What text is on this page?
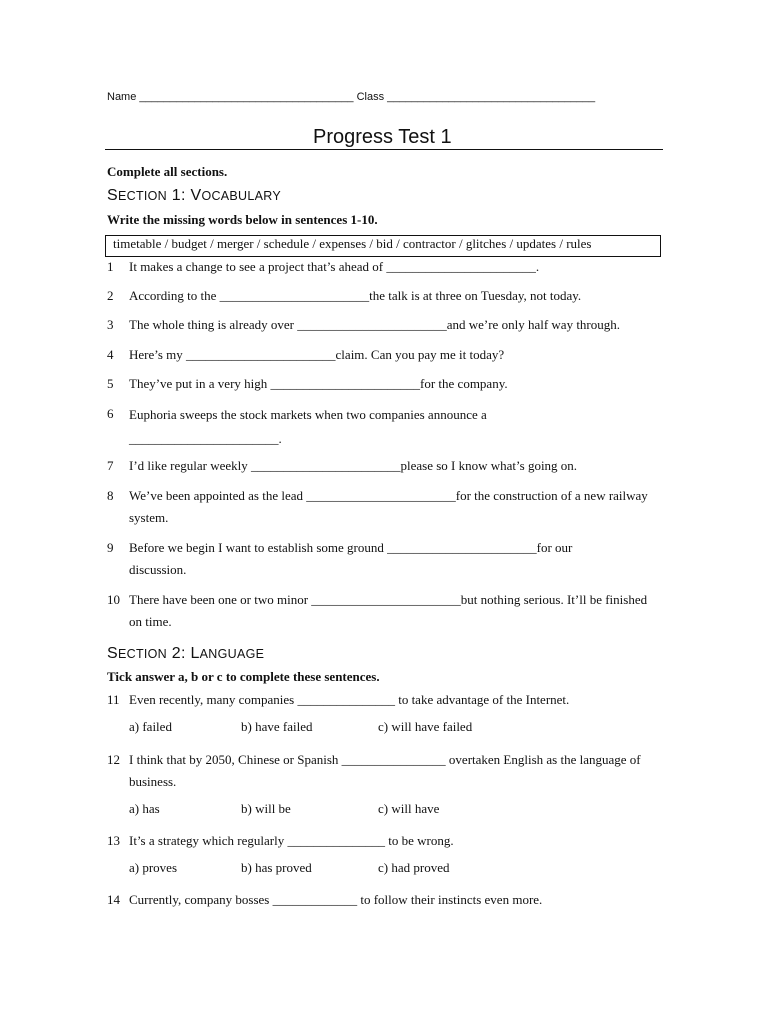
Name ___________________________________ Class __________________________________
Progress Test 1
Complete all sections.
SECTION 1: VOCABULARY
Write the missing words below in sentences 1-10.
timetable / budget / merger / schedule / expenses / bid / contractor / glitches / updates / rules
1 It makes a change to see a project that’s ahead of _______________________.
2 According to the _______________________the talk is at three on Tuesday, not today.
3 The whole thing is already over _______________________and we’re only half way through.
4 Here’s my _______________________claim. Can you pay me it today?
5 They’ve put in a very high _______________________for the company.
6 Euphoria sweeps the stock markets when two companies announce a _______________________.
7 I’d like regular weekly _______________________please so I know what’s going on.
8 We’ve been appointed as the lead _______________________for the construction of a new railway system.
9 Before we begin I want to establish some ground _______________________for our discussion.
10 There have been one or two minor _______________________but nothing serious. It’ll be finished on time.
SECTION 2: LANGUAGE
Tick answer a, b or c to complete these sentences.
11 Even recently, many companies _______________ to take advantage of the Internet.
a) failed	b) have failed	c) will have failed
12 I think that by 2050, Chinese or Spanish ________________ overtaken English as the language of business.
a) has	b) will be	c) will have
13 It’s a strategy which regularly _______________ to be wrong.
a) proves	b) has proved	c) had proved
14 Currently, company bosses _____________ to follow their instincts even more.
